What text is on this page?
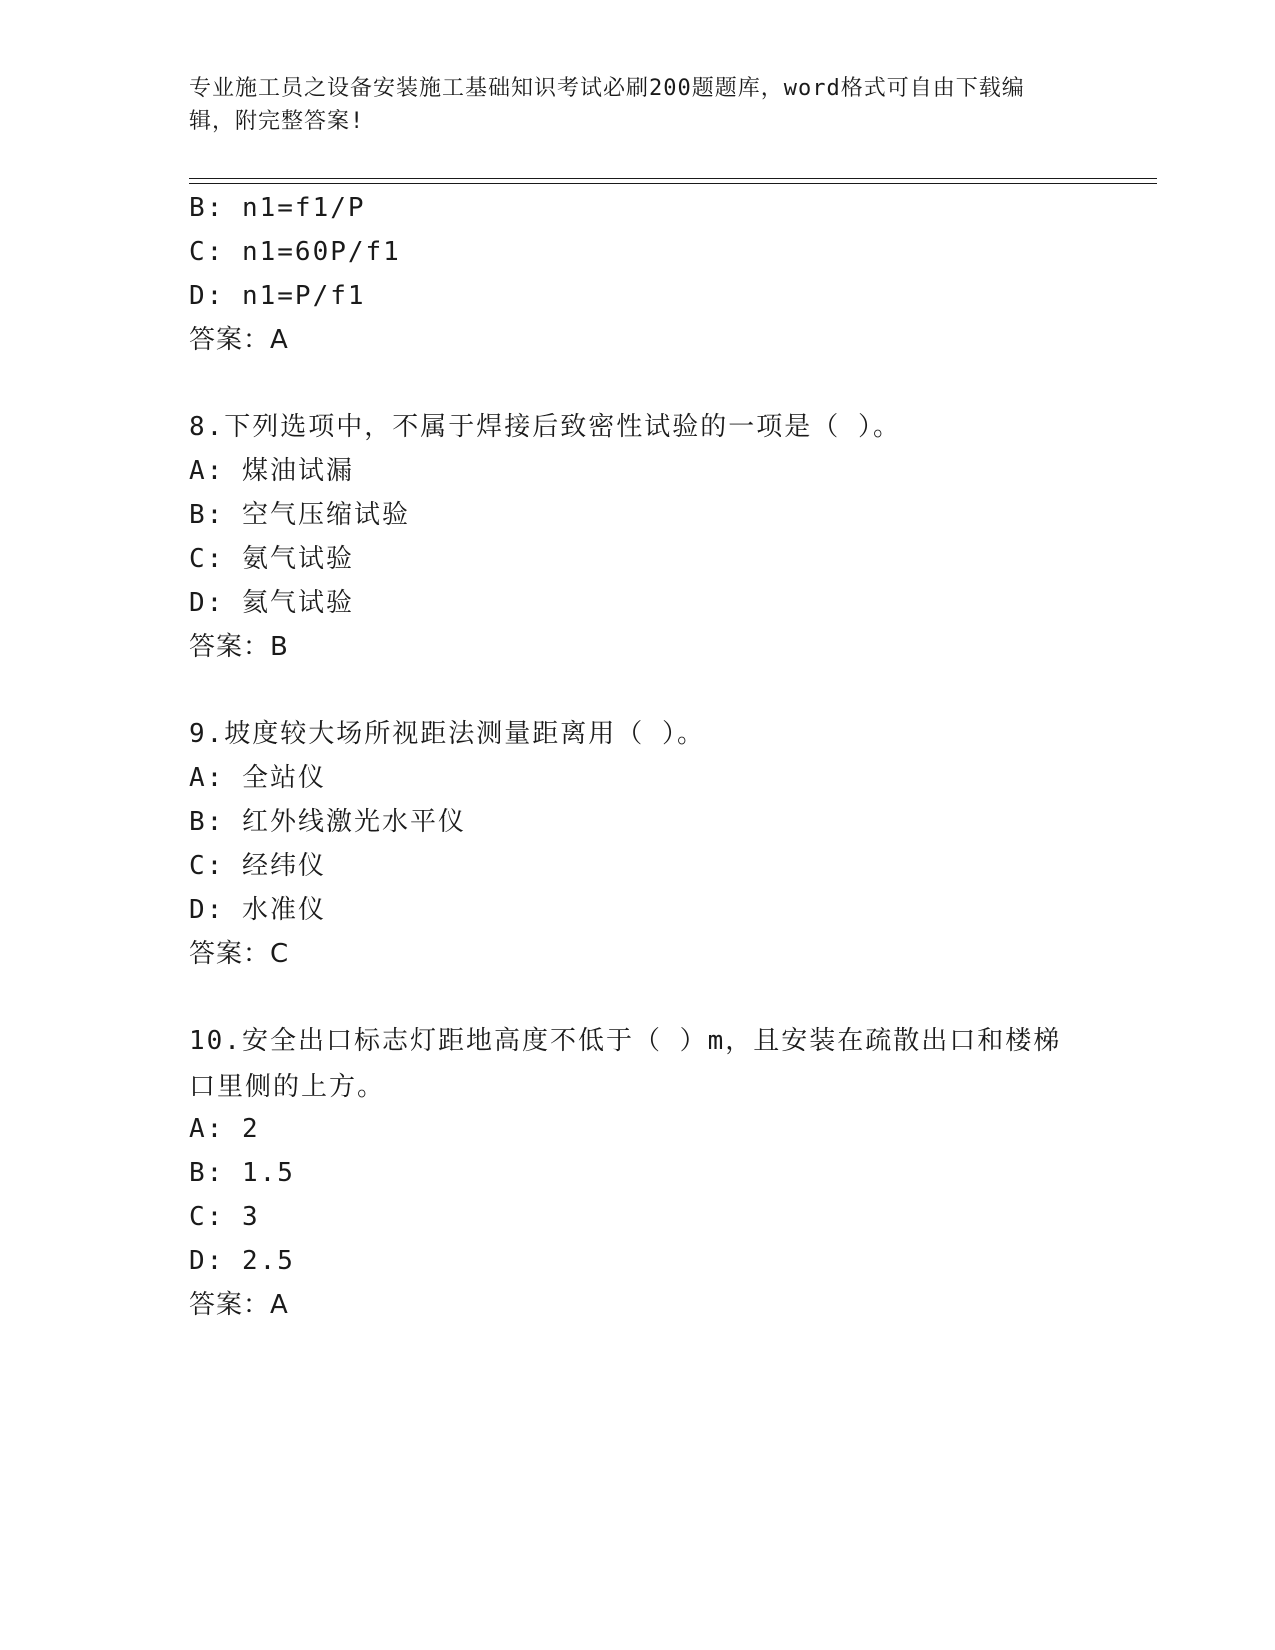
专业施工员之设备安装施工基础知识考试必刷200题题库，word格式可自由下载编辑，附完整答案!
B: n1=f1/P
C: n1=60P/f1
D: n1=P/f1
答案：A
8.下列选项中，不属于焊接后致密性试验的一项是（ ）。
A: 煤油试漏
B: 空气压缩试验
C: 氨气试验
D: 氦气试验
答案：B
9.坡度较大场所视距法测量距离用（ ）。
A: 全站仪
B: 红外线激光水平仪
C: 经纬仪
D: 水准仪
答案：C
10.安全出口标志灯距地高度不低于（ ）m，且安装在疏散出口和楼梯口里侧的上方。
A: 2
B: 1.5
C: 3
D: 2.5
答案：A
